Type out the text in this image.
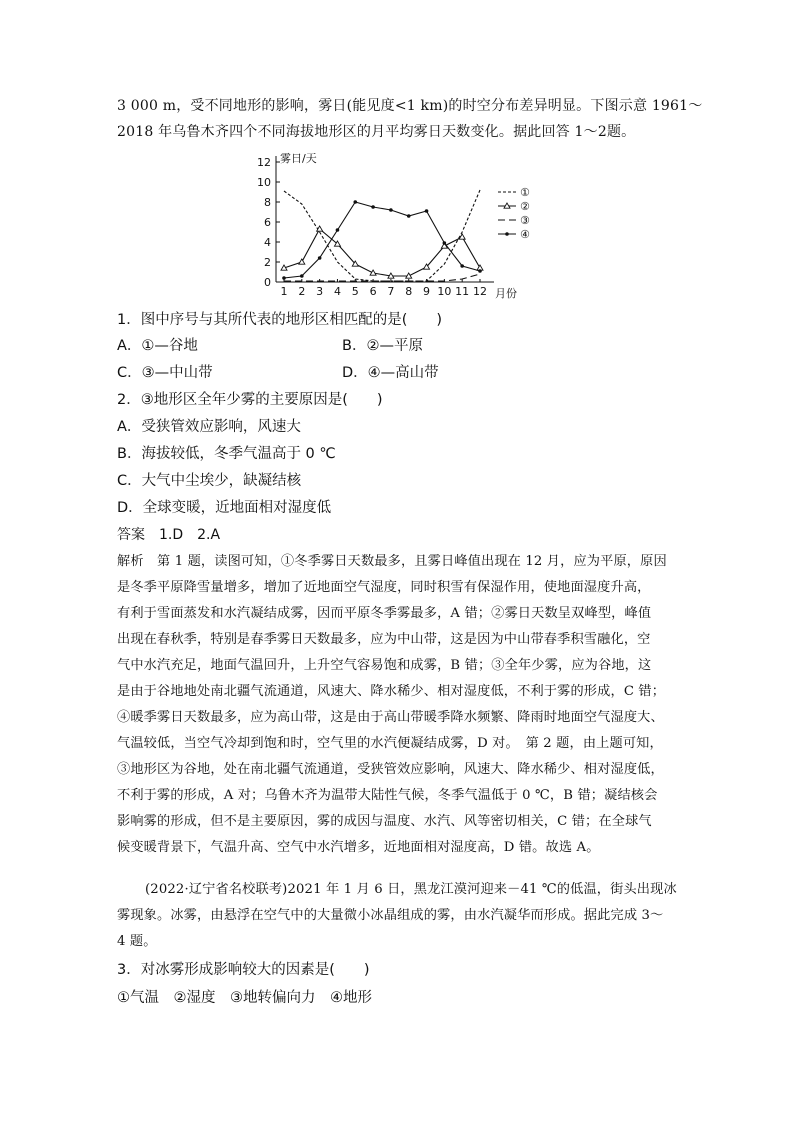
3 000 m，受不同地形的影响，雾日(能见度<1 km)的时空分布差异明显。下图示意 1961～
2018 年乌鲁木齐四个不同海拔地形区的月平均雾日天数变化。据此回答 1～2题。
0
2
4
6
8
10
12
1 2 3 4 5 6 7 8 9 10 11 12
①
②
③
④
雾日/天
月份
1．图中序号与其所代表的地形区相匹配的是(　　)
A．①—谷地	B．②—平原
C．③—中山带	D．④—高山带
2．③地形区全年少雾的主要原因是(　　)
A．受狭管效应影响，风速大
B．海拔较低，冬季气温高于 0 ℃
C．大气中尘埃少，缺凝结核
D．全球变暖，近地面相对湿度低
答案　1.D　2.A
解析　第 1 题，读图可知，①冬季雾日天数最多，且雾日峰值出现在 12 月，应为平原，原因
是冬季平原降雪量增多，增加了近地面空气湿度，同时积雪有保湿作用，使地面湿度升高，
有利于雪面蒸发和水汽凝结成雾，因而平原冬季雾最多，A 错；②雾日天数呈双峰型，峰值
出现在春秋季，特别是春季雾日天数最多，应为中山带，这是因为中山带春季积雪融化，空
气中水汽充足，地面气温回升，上升空气容易饱和成雾，B 错；③全年少雾，应为谷地，这
是由于谷地地处南北疆气流通道，风速大、降水稀少、相对湿度低，不利于雾的形成，C 错；
④暖季雾日天数最多，应为高山带，这是由于高山带暖季降水频繁、降雨时地面空气湿度大、
气温较低，当空气冷却到饱和时，空气里的水汽便凝结成雾，D 对。　第 2 题，由上题可知，
③地形区为谷地，处在南北疆气流通道，受狭管效应影响，风速大、降水稀少、相对湿度低，
不利于雾的形成，A 对；乌鲁木齐为温带大陆性气候，冬季气温低于 0 ℃，B 错；凝结核会
影响雾的形成，但不是主要原因，雾的成因与温度、水汽、风等密切相关，C 错；在全球气
候变暖背景下，气温升高、空气中水汽增多，近地面相对湿度高，D 错。故选 A。
(2022·辽宁省名校联考)2021 年 1 月 6 日，黑龙江漠河迎来－41 ℃的低温，街头出现冰
雾现象。冰雾，由悬浮在空气中的大量微小冰晶组成的雾，由水汽凝华而形成。据此完成 3～
4 题。
3．对冰雾形成影响较大的因素是(　　)
①气温　②湿度　③地转偏向力　④地形
